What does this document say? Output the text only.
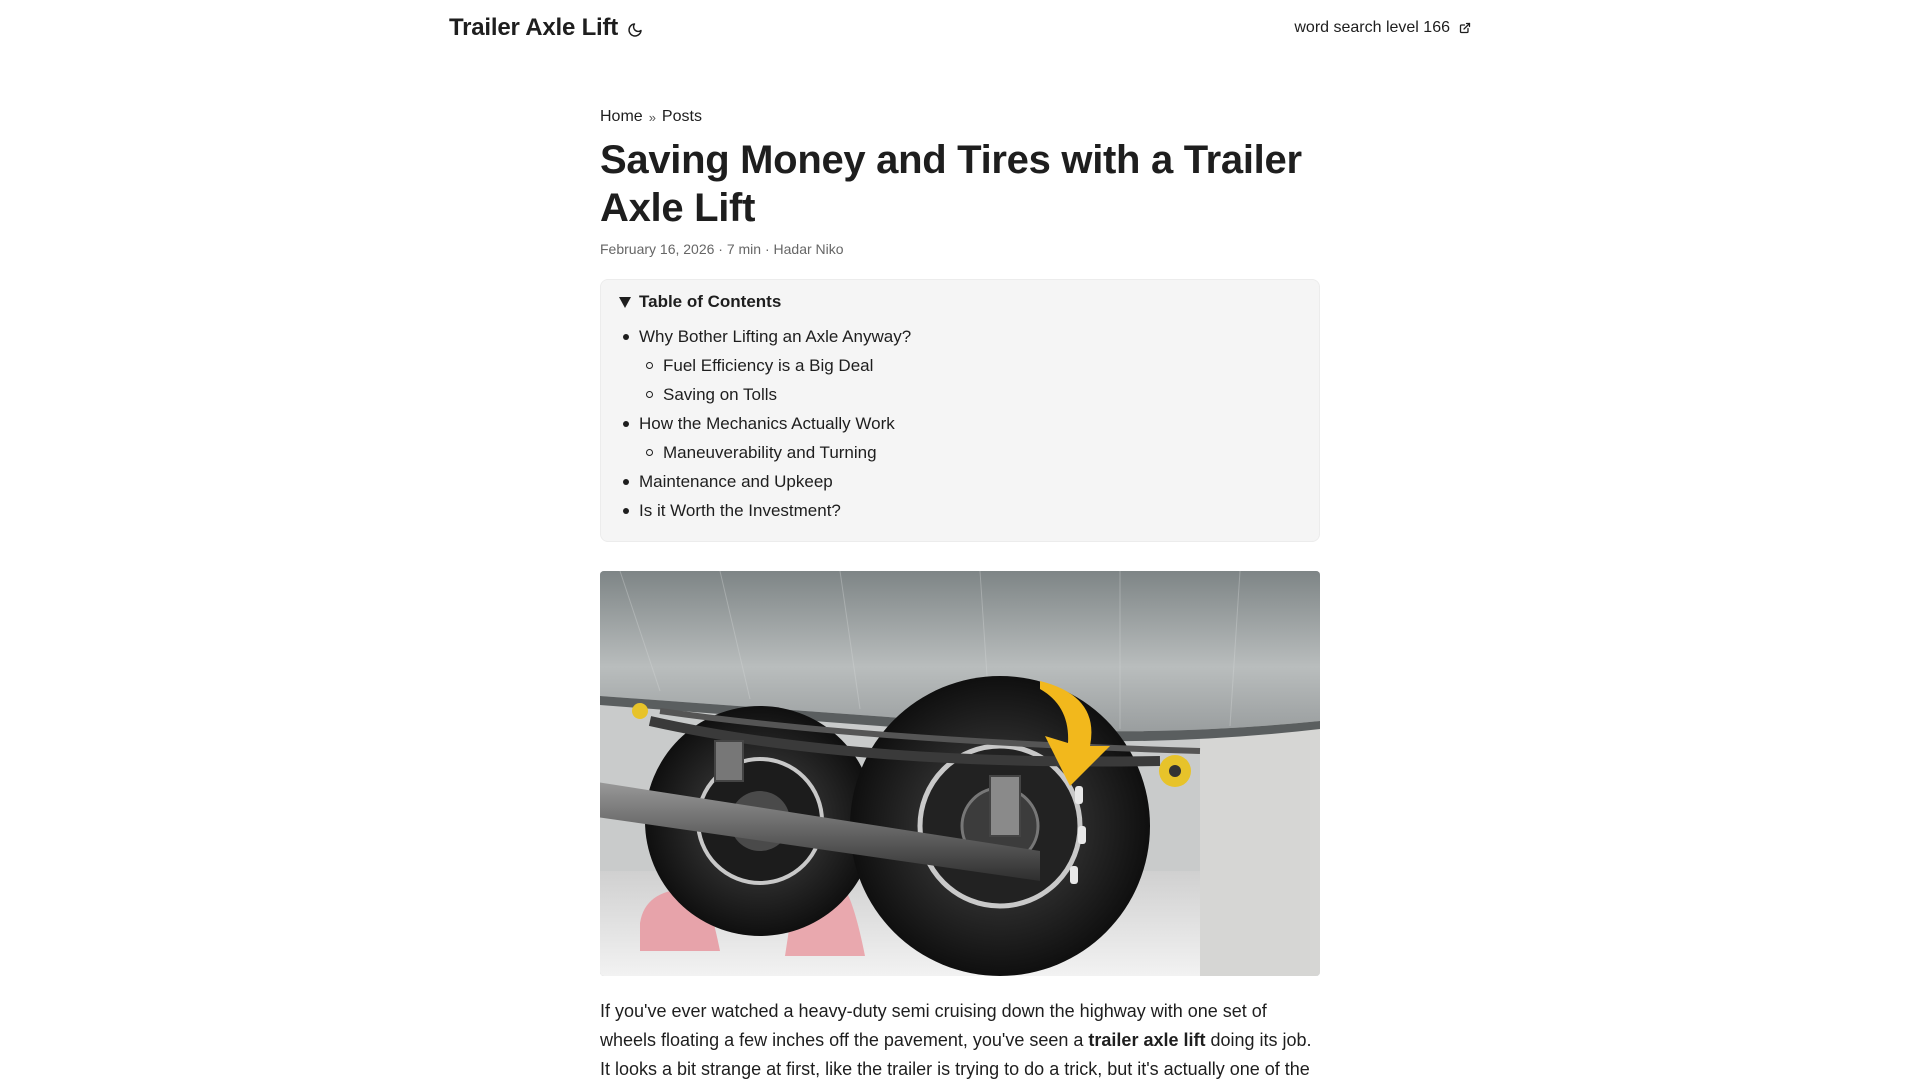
Trailer Axle Lift	word search level 166
Home » Posts
Saving Money and Tires with a Trailer Axle Lift
February 16, 2026 · 7 min · Hadar Niko
Table of Contents
Why Bother Lifting an Axle Anyway?
Fuel Efficiency is a Big Deal
Saving on Tolls
How the Mechanics Actually Work
Maneuverability and Turning
Maintenance and Upkeep
Is it Worth the Investment?

If you've ever watched a heavy-duty semi cruising down the highway with one set of wheels floating a few inches off the pavement, you've seen a trailer axle lift doing its job. It looks a bit strange at first, like the trailer is trying to do a trick, but it's actually one of the
